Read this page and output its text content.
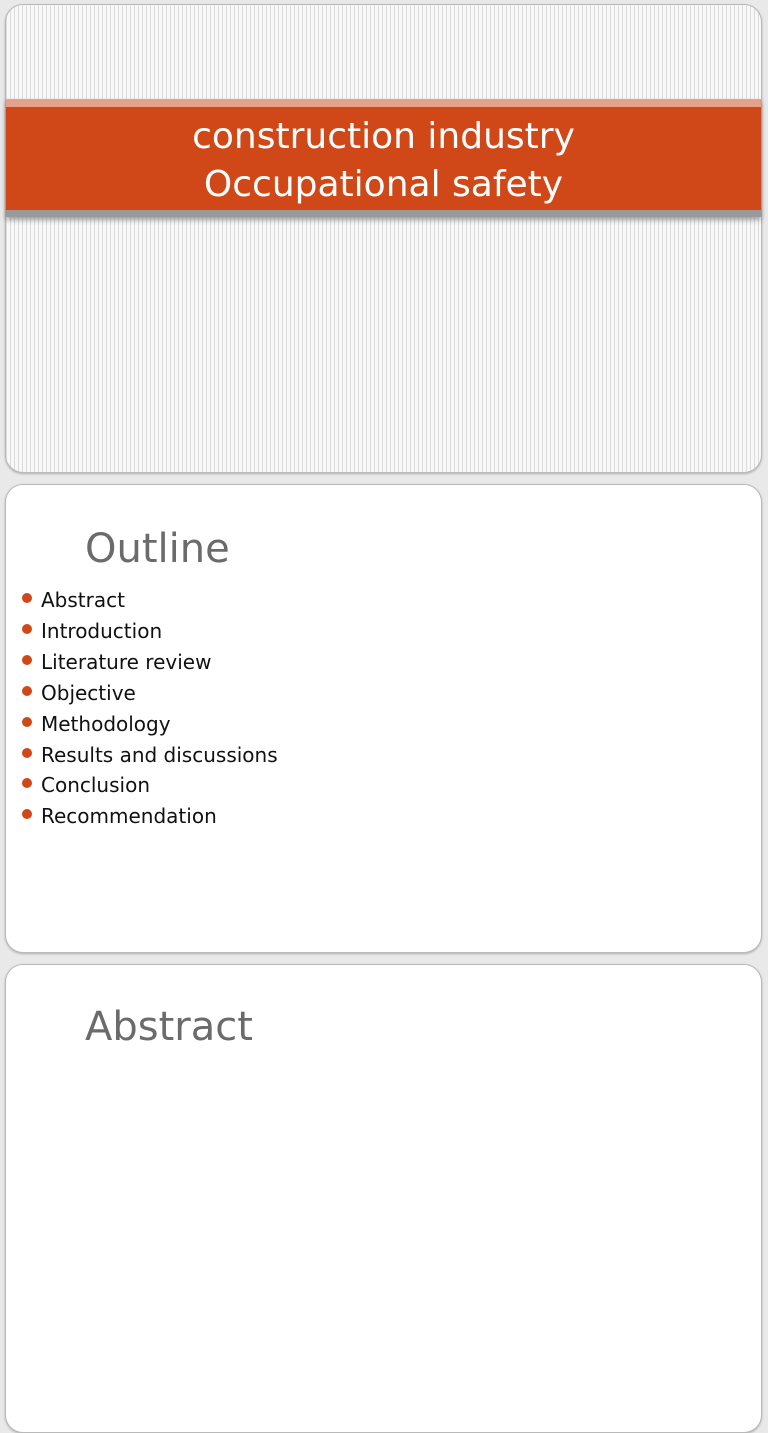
construction industry
Occupational safety
Outline
Abstract
Introduction
Literature review
Objective
Methodology
Results and discussions
Conclusion
Recommendation
Abstract
